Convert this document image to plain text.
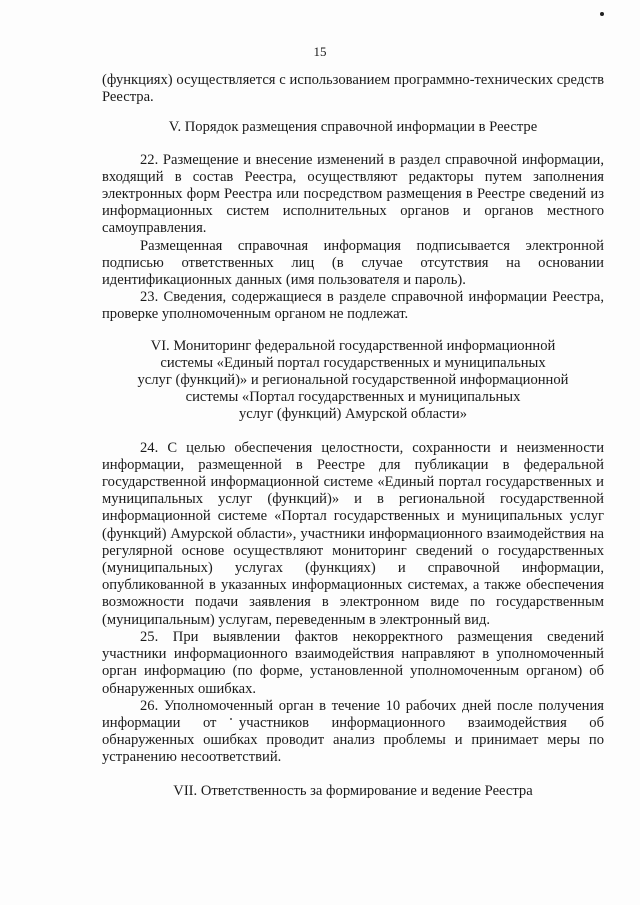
15

(функциях) осуществляется с использованием программно-технических средств Реестра.

V. Порядок размещения справочной информации в Реестре

22. Размещение и внесение изменений в раздел справочной информации, входящий в состав Реестра, осуществляют редакторы путем заполнения электронных форм Реестра или посредством размещения в Реестре сведений из информационных систем исполнительных органов и органов местного самоуправления.

Размещенная справочная информация подписывается электронной подписью ответственных лиц (в случае отсутствия на основании идентификационных данных (имя пользователя и пароль).

23. Сведения, содержащиеся в разделе справочной информации Реестра, проверке уполномоченным органом не подлежат.

VI. Мониторинг федеральной государственной информационной
системы «Единый портал государственных и муниципальных
услуг (функций)» и региональной государственной информационной
системы «Портал государственных и муниципальных
услуг (функций) Амурской области»

24. С целью обеспечения целостности, сохранности и неизменности информации, размещенной в Реестре для публикации в федеральной государственной информационной системе «Единый портал государственных и муниципальных услуг (функций)» и в региональной государственной информационной системе «Портал государственных и муниципальных услуг (функций) Амурской области», участники информационного взаимодействия на регулярной основе осуществляют мониторинг сведений о государственных (муниципальных) услугах (функциях) и справочной информации, опубликованной в указанных информационных системах, а также обеспечения возможности подачи заявления в электронном виде по государственным (муниципальным) услугам, переведенным в электронный вид.

25. При выявлении фактов некорректного размещения сведений участники информационного взаимодействия направляют в уполномоченный орган информацию (по форме, установленной уполномоченным органом) об обнаруженных ошибках.

26. Уполномоченный орган в течение 10 рабочих дней после получения информации от участников информационного взаимодействия об обнаруженных ошибках проводит анализ проблемы и принимает меры по устранению несоответствий.

VII. Ответственность за формирование и ведение Реестра
